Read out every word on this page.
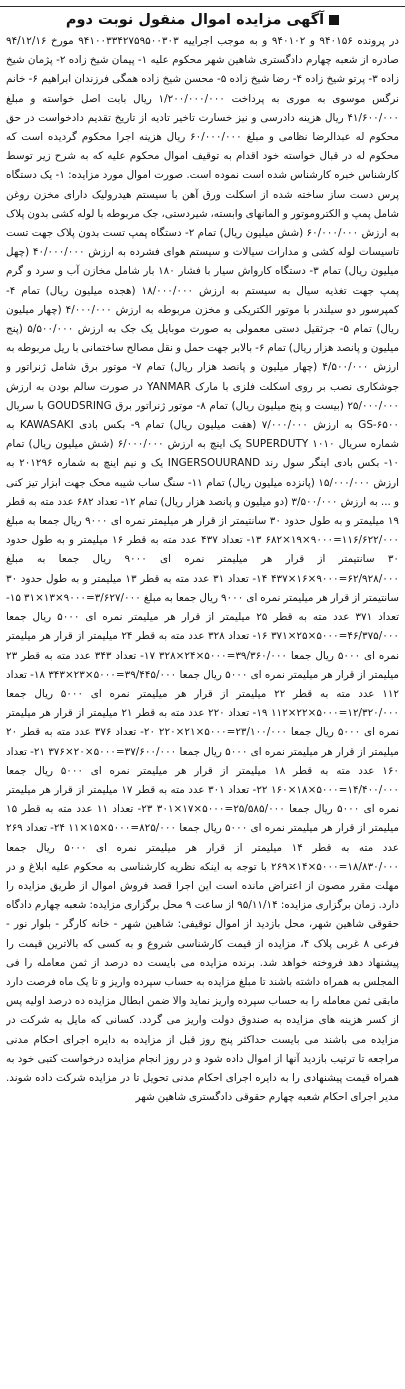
آگهی مزایده اموال منقول نوبت دوم

در پرونده ۹۴۰۱۵۶ و ۹۴۰۱۰۲ و به موجب اجراییه ۹۴۱۰۰۳۳۴۲۷۵۹۵۰۰۳۰۳ مورخ ۹۴/۱۲/۱۶ صادره از شعبه چهارم دادگستری شاهین شهر محکوم علیه ۱- پیمان شیخ زاده ۲- پژمان شیخ زاده ۳- پرتو شیخ زاده ۴- رضا شیخ زاده ۵- محسن شیخ زاده همگی فرزندان ابراهیم ۶- خانم نرگس موسوی به موری به پرداخت ۱/۲۰۰/۰۰۰/۰۰۰ ریال بابت اصل خواسته و مبلغ ۴۱/۶۰۰/۰۰۰ ریال هزینه دادرسی و نیز خسارت تاخیر تادیه از تاریخ تقدیم دادخواست در حق محکوم له عبدالرضا نظامی و مبلغ ۶۰/۰۰۰/۰۰۰ ریال هزینه اجرا محکوم گردیده است که محکوم له در قبال خواسته خود اقدام به توقیف اموال محکوم علیه که به شرح زیر توسط کارشناس خبره کارشناس شده است نموده است. صورت اموال مورد مزایده: ۱- یک دستگاه پرس دست ساز ساخته شده از اسکلت ورق آهن با سیستم هیدرولیک دارای مخزن روغن شامل پمپ و الکتروموتور و المانهای وابسته، شیردستی، جک مربوطه با لوله کشی بدون پلاک به ارزش ۶۰/۰۰۰/۰۰۰ (شش میلیون ریال) تمام ۲- دستگاه پمپ تست بدون پلاک جهت تست تاسیسات لوله کشی و مدارات سیالات و سیستم هوای فشرده به ارزش ۴۰/۰۰۰/۰۰۰ (چهل میلیون ریال) تمام ۳- دستگاه کارواش سیار با فشار ۱۸۰ بار شامل مخازن آب و سرد و گرم پمپ جهت تغذیه سیال به سیستم به ارزش ۱۸/۰۰۰/۰۰۰ (هجده میلیون ریال) تمام ۴- کمپرسور دو سیلندر با موتور الکتریکی و مخزن مربوطه به ارزش ۴/۰۰۰/۰۰۰ (چهار میلیون ریال) تمام ۵- جرثقیل دستی معمولی به صورت موبایل یک جک به ارزش ۵/۵۰۰/۰۰۰ (پنج میلیون و پانصد هزار ریال) تمام ۶- بالابر جهت حمل و نقل مصالح ساختمانی با ریل مربوطه به ارزش ۴/۵۰۰/۰۰۰ (چهار میلیون و پانصد هزار ریال) تمام ۷- موتور برق شامل ژنراتور و جوشکاری نصب بر روی اسکلت فلزی با مارک YANMAR در صورت سالم بودن به ارزش ۲۵/۰۰۰/۰۰۰ (بیست و پنج میلیون ریال) تمام ۸- موتور ژنراتور برق GOUDSRING با سریال GS-۶۵۰۰ به ارزش ۷/۰۰۰/۰۰۰ (هفت میلیون ریال) تمام ۹- بکس بادی KAWASAKI به شماره سریال SUPERDUTY ۱۰۱۰ یک اینچ به ارزش ۶/۰۰۰/۰۰۰ (شش میلیون ریال) تمام ۱۰- بکس بادی اینگر سول رند INGERSOUURAND یک و نیم اینچ به شماره ۲۰۱۲۹۶ به ارزش ۱۵/۰۰۰/۰۰۰ (پانزده میلیون ریال) تمام ۱۱- سنگ ساب شیبه محک جهت ابزار تیز کنی و ... به ارزش ۳/۵۰۰/۰۰۰ (دو میلیون و پانصد هزار ریال) تمام ۱۲- تعداد ۶۸۲ عدد مته به قطر ۱۹ میلیمتر و به طول حدود ۳۰ سانتیمتر از قرار هر میلیمتر نمره ای ۹۰۰۰ ریال جمعا به مبلغ ۱۱۶/۶۲۲/۰۰۰=۹۰۰۰×۱۹×۶۸۲ ۱۳- تعداد ۴۳۷ عدد مته به قطر ۱۶ میلیمتر و به طول حدود ۳۰ سانتیمتر از قرار هر میلیمتر نمره ای ۹۰۰۰ ریال جمعا به مبلغ ۶۲/۹۲۸/۰۰۰=۹۰۰۰×۱۶×۴۳۷ ۱۴- تعداد ۳۱ عدد مته به قطر ۱۳ میلیمتر و به طول حدود ۳۰ سانتیمتر از قرار هر میلیمتر نمره ای ۹۰۰۰ ریال جمعا به مبلغ ۳/۶۲۷/۰۰۰=۹۰۰۰×۱۳×۳۱ ۱۵- تعداد ۳۷۱ عدد مته به قطر ۲۵ میلیمتر از قرار هر میلیمتر نمره ای ۵۰۰۰ ریال جمعا ۴۶/۳۷۵/۰۰۰=۵۰۰۰×۲۵×۳۷۱ ۱۶- تعداد ۳۲۸ عدد مته به قطر ۲۴ میلیمتر از قرار هر میلیمتر نمره ای ۵۰۰۰ ریال جمعا ۳۹/۳۶۰/۰۰۰=۵۰۰۰×۲۴×۳۲۸ ۱۷- تعداد ۳۴۳ عدد مته به قطر ۲۳ میلیمتر از قرار هر میلیمتر نمره ای ۵۰۰۰ ریال جمعا ۳۹/۴۴۵/۰۰۰=۵۰۰۰×۲۳×۳۴۳ ۱۸- تعداد ۱۱۲ عدد مته به قطر ۲۲ میلیمتر از قرار هر میلیمتر نمره ای ۵۰۰۰ ریال جمعا ۱۲/۳۲۰/۰۰۰=۵۰۰۰×۲۲×۱۱۲ ۱۹- تعداد ۲۲۰ عدد مته به قطر ۲۱ میلیمتر از قرار هر میلیمتر نمره ای ۵۰۰۰ ریال جمعا ۲۳/۱۰۰/۰۰۰=۵۰۰۰×۲۱×۲۲۰ ۲۰- تعداد ۳۷۶ عدد مته به قطر ۲۰ میلیمتر از قرار هر میلیمتر نمره ای ۵۰۰۰ ریال جمعا ۳۷/۶۰۰/۰۰۰=۵۰۰۰×۲۰×۳۷۶ ۲۱- تعداد ۱۶۰ عدد مته به قطر ۱۸ میلیمتر از قرار هر میلیمتر نمره ای ۵۰۰۰ ریال جمعا ۱۴/۴۰۰/۰۰۰=۵۰۰۰×۱۸×۱۶۰ ۲۲- تعداد ۳۰۱ عدد مته به قطر ۱۷ میلیمتر از قرار هر میلیمتر نمره ای ۵۰۰۰ ریال جمعا ۲۵/۵۸۵/۰۰۰=۵۰۰۰×۱۷×۳۰۱ ۲۳- تعداد ۱۱ عدد مته به قطر ۱۵ میلیمتر از قرار هر میلیمتر نمره ای ۵۰۰۰ ریال جمعا ۸۲۵/۰۰۰=۵۰۰۰×۱۵×۱۱ ۲۴- تعداد ۲۶۹ عدد مته به قطر ۱۴ میلیمتر از قرار هر میلیمتر نمره ای ۵۰۰۰ ریال جمعا ۱۸/۸۳۰/۰۰۰=۵۰۰۰×۱۴×۲۶۹ با توجه به اینکه نظریه کارشناسی به محکوم علیه ابلاغ و در مهلت مقرر مصون از اعتراض مانده است این اجرا قصد فروش اموال از طریق مزایده را دارد. زمان برگزاری مزایده: ۹۵/۱۱/۱۴ از ساعت ۹ محل برگزاری مزایده: شعبه چهارم دادگاه حقوقی شاهین شهر، محل بازدید از اموال توقیفی: شاهین شهر - خانه کارگر - بلوار نور - فرعی ۸ غربی پلاک ۴، مزایده از قیمت کارشناسی شروع و به کسی که بالاترین قیمت را پیشنهاد دهد فروخته خواهد شد. برنده مزایده می بایست ده درصد از ثمن معامله را فی المجلس به همراه داشته باشند تا مبلغ مزایده به حساب سپرده واریز و تا یک ماه فرصت دارد مابقی ثمن معامله را به حساب سپرده واریز نماید والا ضمن ابطال مزایده ده درصد اولیه پس از کسر هزینه های مزایده به صندوق دولت واریز می گردد. کسانی که مایل به شرکت در مزایده می باشند می بایست حداکثر پنج روز قبل از مزایده به دایره اجرای احکام مدنی مراجعه تا ترتیب بازدید آنها از اموال داده شود و در روز انجام مزایده درخواست کتبی خود به همراه قیمت پیشنهادی را به دایره اجرای احکام مدنی تحویل تا در مزایده شرکت داده شوند. مدیر اجرای احکام شعبه چهارم حقوقی دادگستری شاهین شهر
